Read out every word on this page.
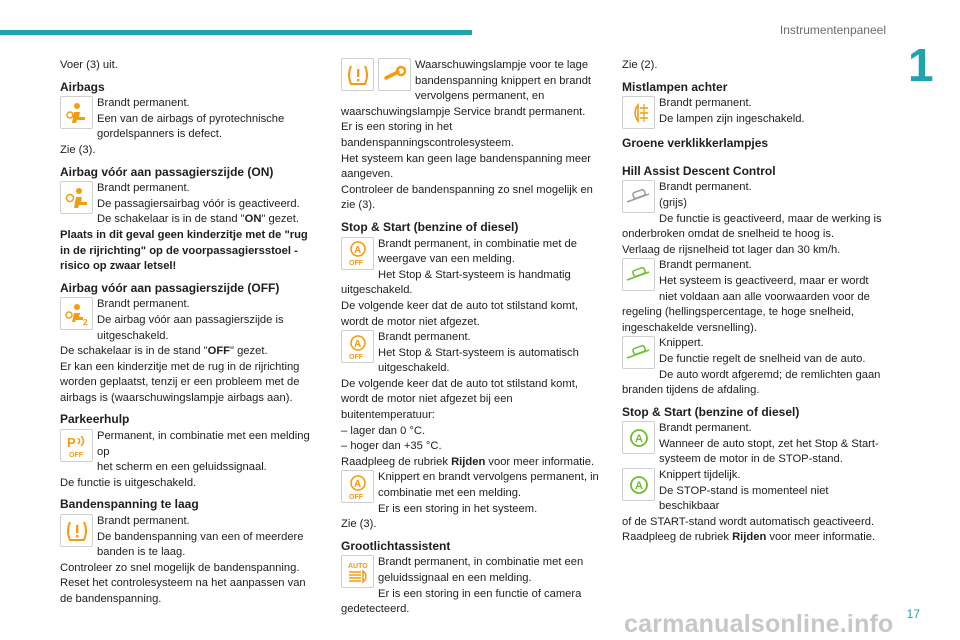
Instrumentenpaneel
1
Voer (3) uit.
Airbags
Brandt permanent.
Een van de airbags of pyrotechnische
gordelspanners is defect.
Zie (3).
Airbag vóór aan passagierszijde (ON)
Brandt permanent.
De passagiersairbag vóór is geactiveerd.
De schakelaar is in de stand "ON" gezet.
Plaats in dit geval geen kinderzitje met de "rug in de rijrichting" op de voorpassagiersstoel - risico op zwaar letsel!
Airbag vóór aan passagierszijde (OFF)
2
Brandt permanent.
De airbag vóór aan passagierszijde is
uitgeschakeld.
De schakelaar is in de stand "OFF" gezet.
Er kan een kinderzitje met de rug in de rijrichting worden geplaatst, tenzij er een probleem met de airbags is (waarschuwingslampje airbags aan).
Parkeerhulp
P
OFF
Permanent, in combinatie met een melding op
het scherm en een geluidssignaal.
De functie is uitgeschakeld.
Bandenspanning te laag
Brandt permanent.
De bandenspanning van een of meerdere
banden is te laag.
Controleer zo snel mogelijk de bandenspanning.
Reset het controlesysteem na het aanpassen van de bandenspanning.
Waarschuwingslampje voor te lage
bandenspanning knippert en brandt
vervolgens permanent, en waarschuwingslampje Service brandt permanent.
Er is een storing in het bandenspanningscontrolesysteem.
Het systeem kan geen lage bandenspanning meer aangeven.
Controleer de bandenspanning zo snel mogelijk en zie (3).
Stop & Start (benzine of diesel)
A
OFF
Brandt permanent, in combinatie met de
weergave van een melding.
Het Stop & Start-systeem is handmatig uitgeschakeld.
De volgende keer dat de auto tot stilstand komt, wordt de motor niet afgezet.
A
OFF
Brandt permanent.
Het Stop & Start-systeem is automatisch
uitgeschakeld.
De volgende keer dat de auto tot stilstand komt, wordt de motor niet afgezet bij een buitentemperatuur:
– lager dan 0 °C.
– hoger dan +35 °C.
Raadpleeg de rubriek Rijden voor meer informatie.
A
OFF
Knippert en brandt vervolgens permanent, in
combinatie met een melding.
Er is een storing in het systeem.
Zie (3).
Grootlichtassistent
AUTO Brandt permanent, in combinatie met een
geluidssignaal en een melding.
Er is een storing in een functie of camera gedetecteerd.
Zie (2).
Mistlampen achter
Brandt permanent.
De lampen zijn ingeschakeld.
Groene verklikkerlampjes
Hill Assist Descent Control
Brandt permanent.
(grijs)
De functie is geactiveerd, maar de werking is onderbroken omdat de snelheid te hoog is.
Verlaag de rijsnelheid tot lager dan 30 km/h.
Brandt permanent.
Het systeem is geactiveerd, maar er wordt
niet voldaan aan alle voorwaarden voor de regeling (hellingspercentage, te hoge snelheid, ingeschakelde versnelling).
Knippert.
De functie regelt de snelheid van de auto.
De auto wordt afgeremd; de remlichten gaan branden tijdens de afdaling.
Stop & Start (benzine of diesel)
A
Brandt permanent.
Wanneer de auto stopt, zet het Stop & Start-
systeem de motor in de STOP-stand.
A
Knippert tijdelijk.
De STOP-stand is momenteel niet beschikbaar
of de START-stand wordt automatisch geactiveerd.
Raadpleeg de rubriek Rijden voor meer informatie.
carmanualsonline.info 17
